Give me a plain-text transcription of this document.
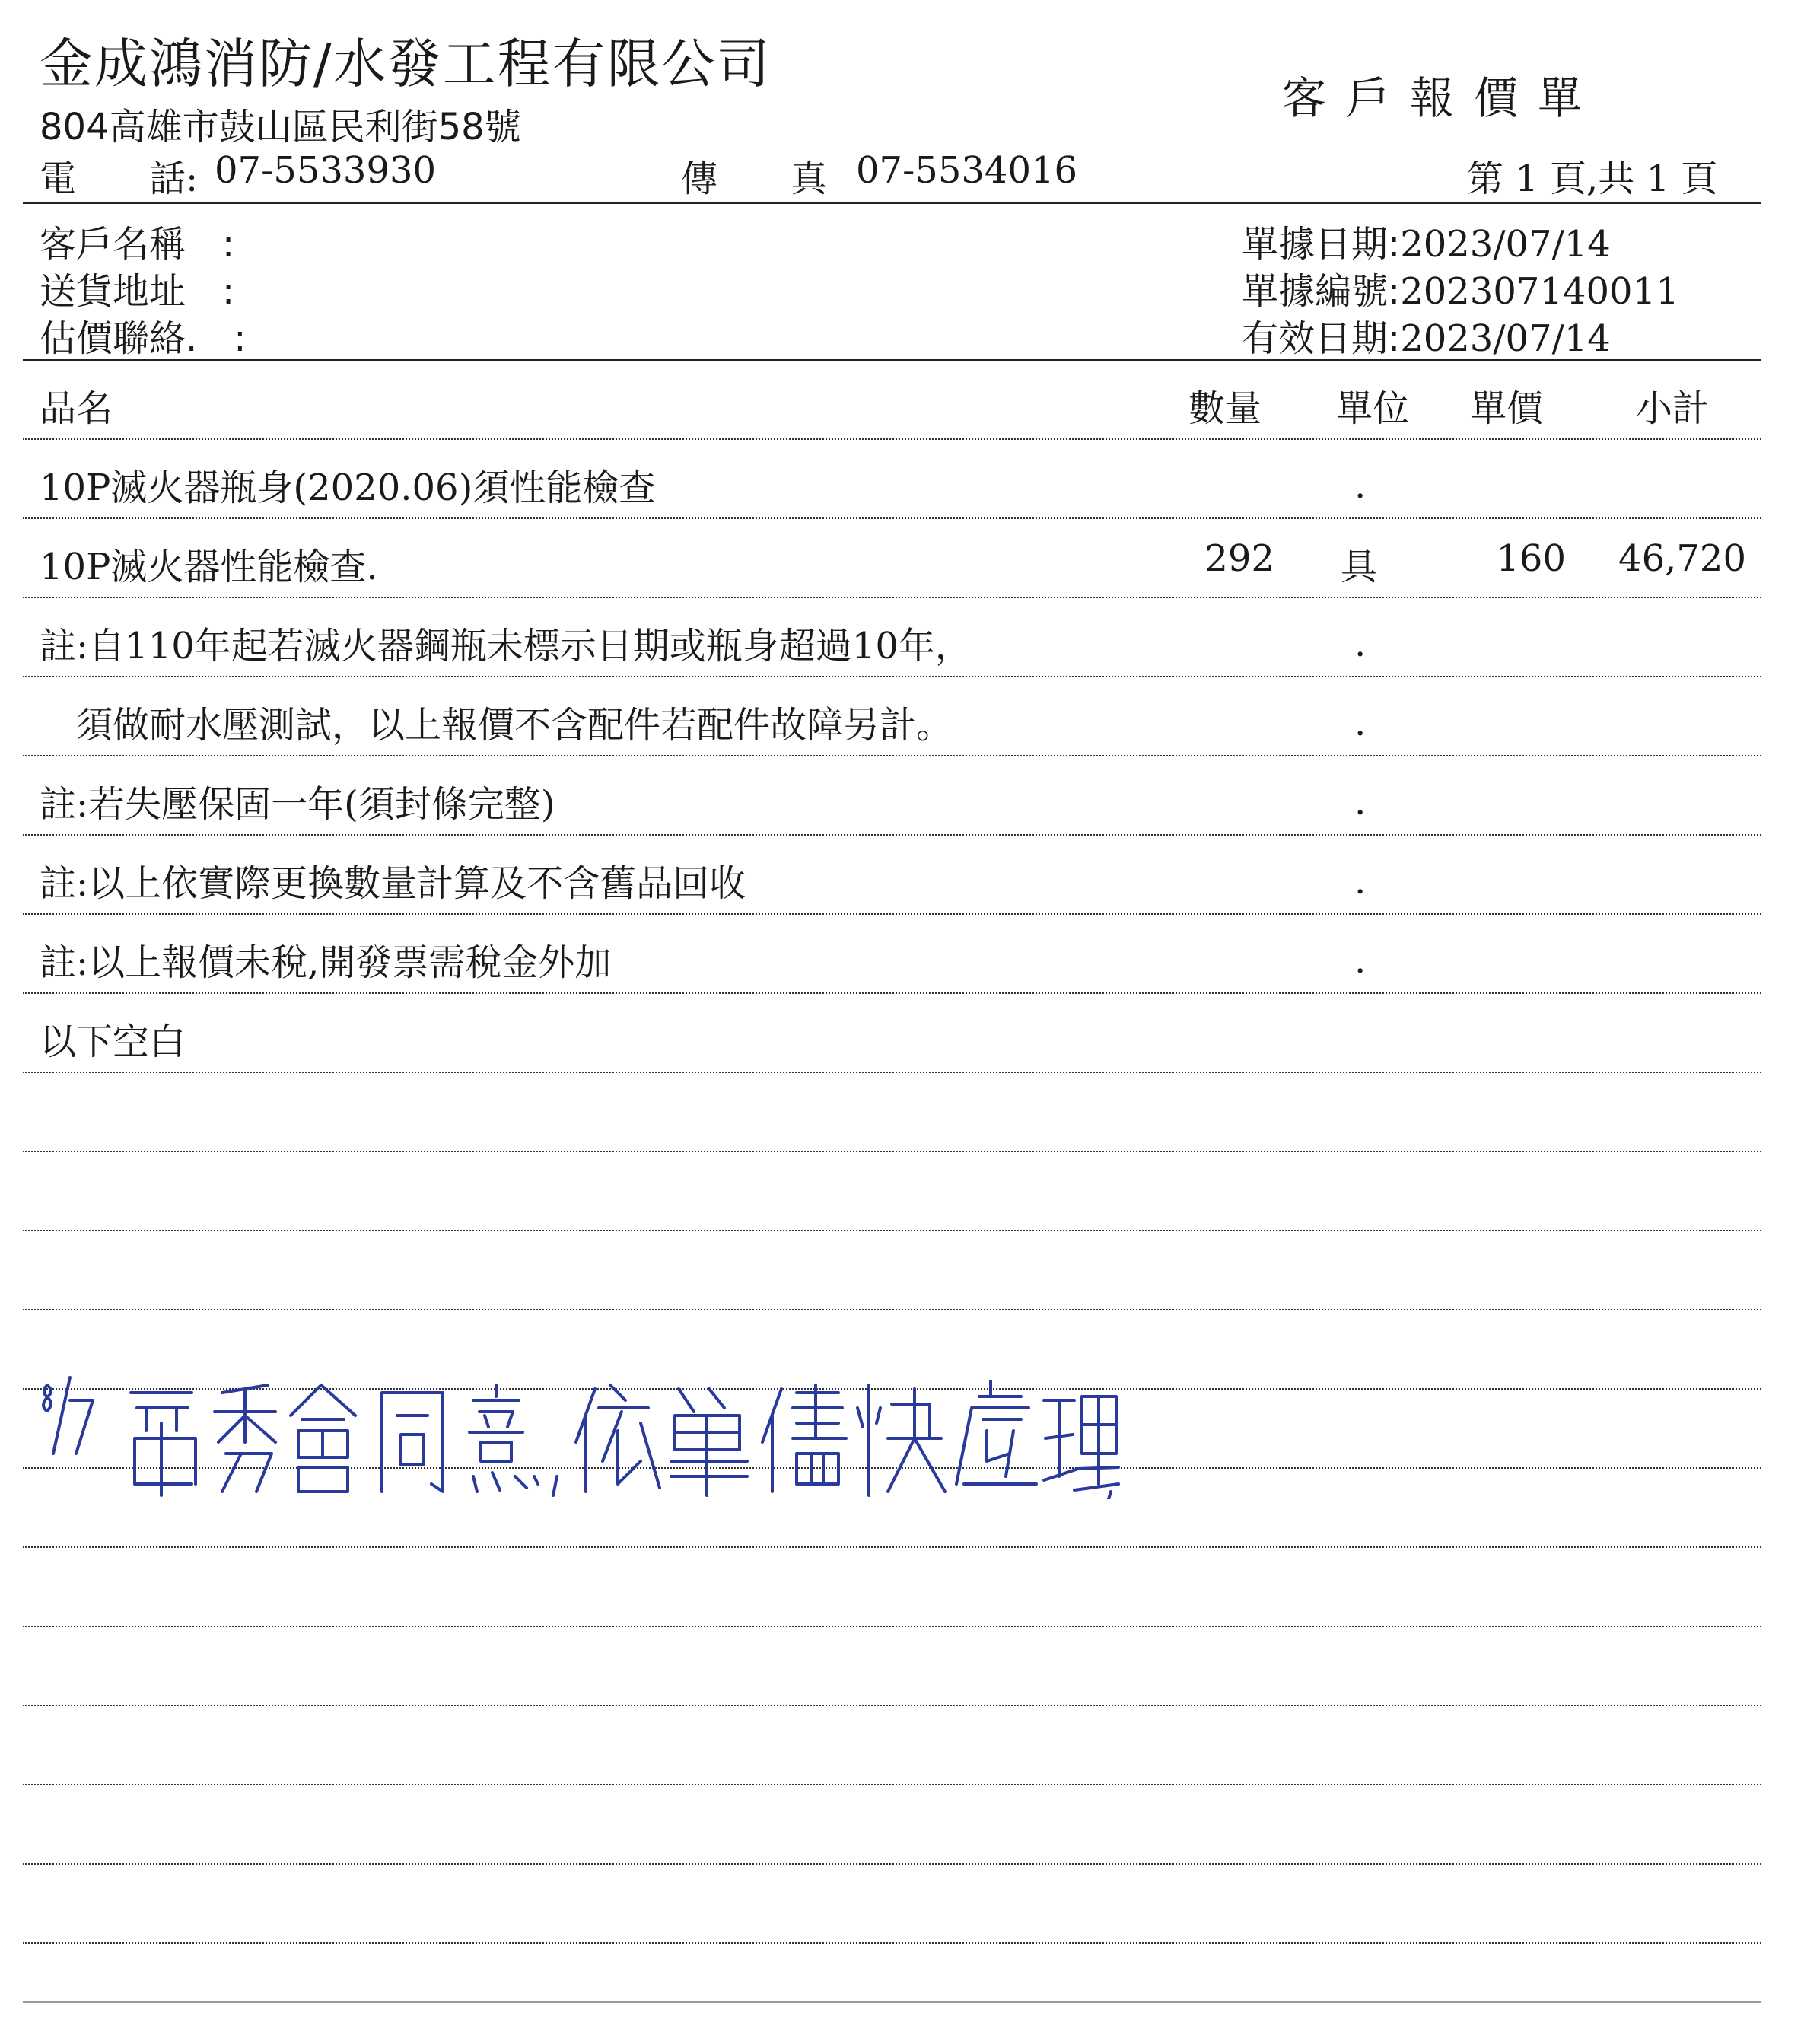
金成鴻消防/水發工程有限公司
804高雄市鼓山區民利街58號
客戶報價單
電　　話: 07-5533930	傳　　真 07-5534016	第 1 頁,共 1 頁
客戶名稱　:
送貨地址　:
估價聯絡.　:
單據日期:2023/07/14
單據編號:202307140011
有效日期:2023/07/14
品名	數量 單位 單價	小計
10P滅火器瓶身(2020.06)須性能檢查	.
10P滅火器性能檢查.	292 具	160	46,720
註:自110年起若滅火器鋼瓶未標示日期或瓶身超過10年，	.
　須做耐水壓測試，以上報價不含配件若配件故障另計。	.
註:若失壓保固一年(須封條完整)	.
註:以上依實際更換數量計算及不含舊品回收	.
註:以上報價未稅,開發票需稅金外加	.
以下空白
